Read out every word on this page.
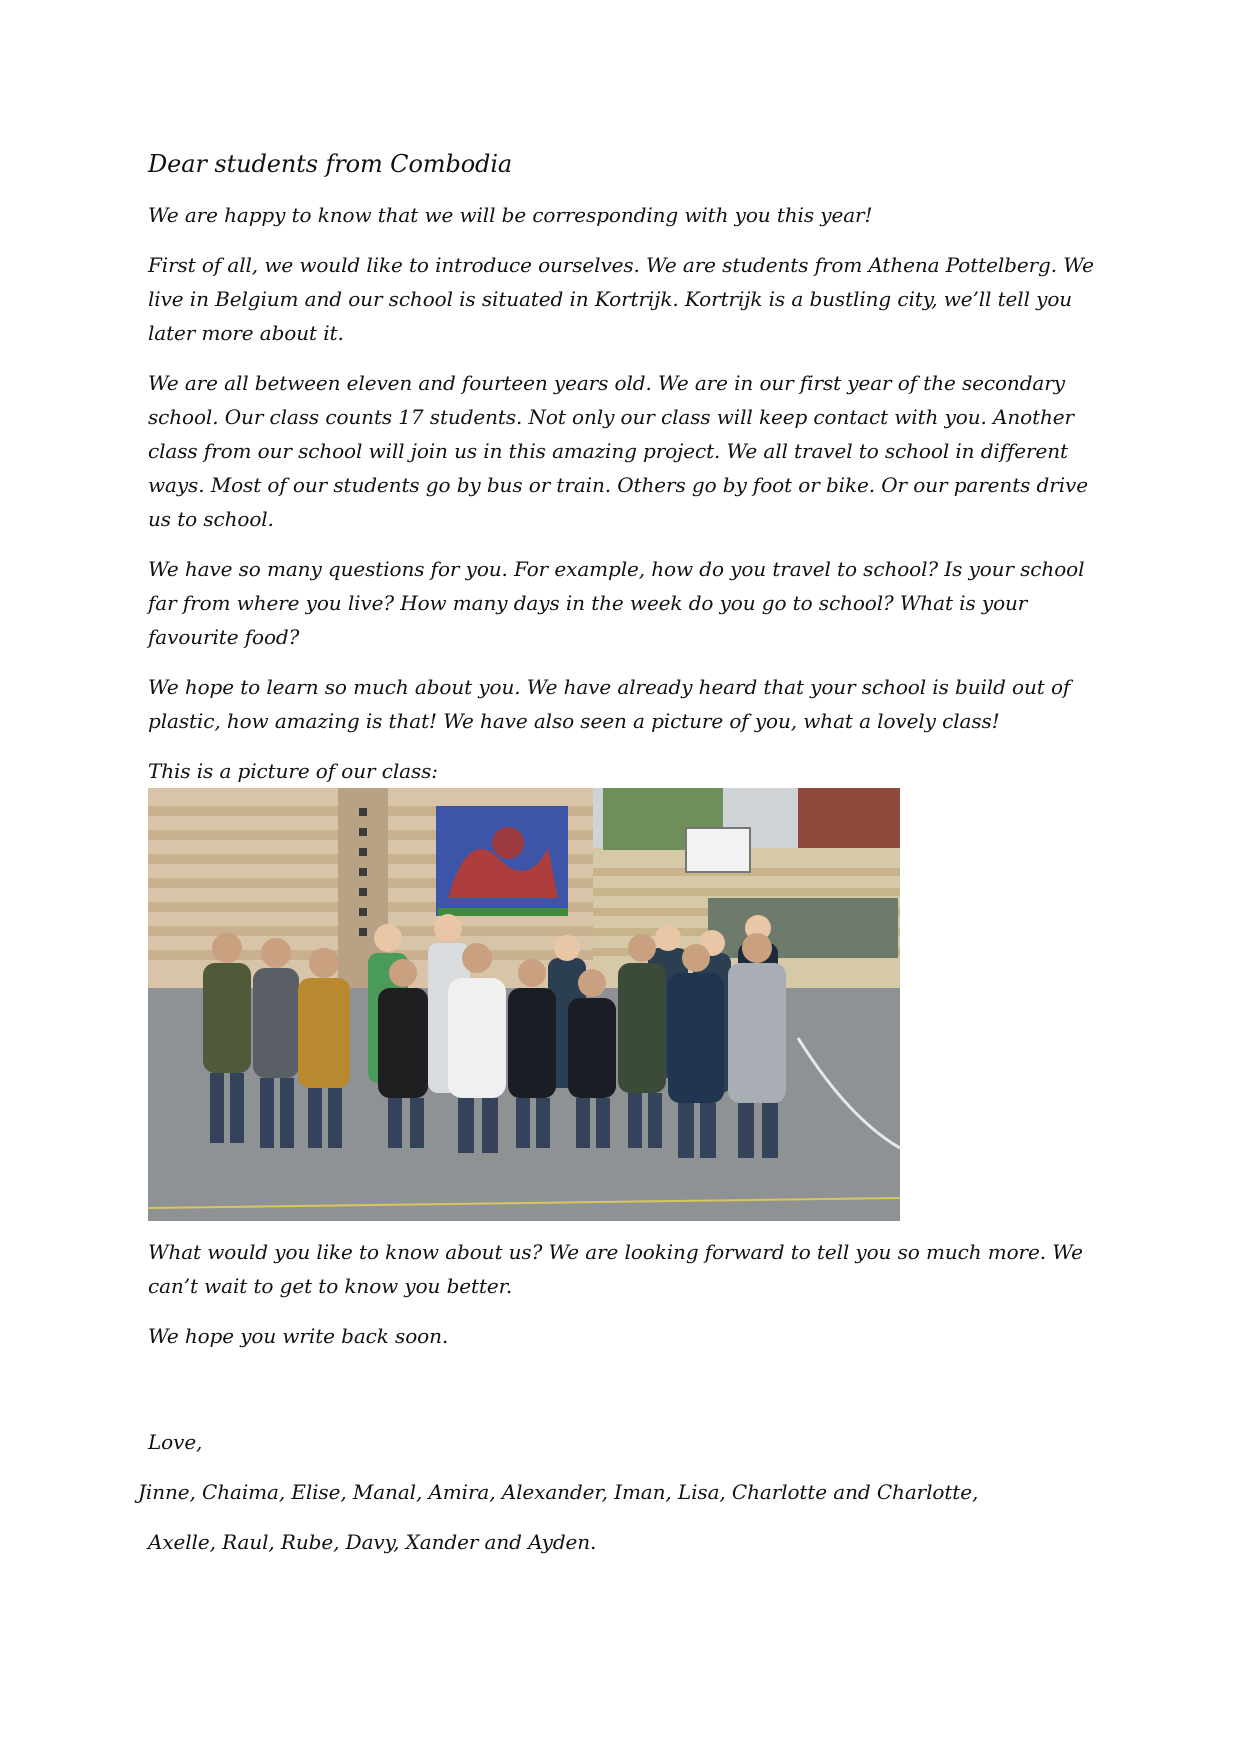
Dear students from Combodia

We are happy to know that we will be corresponding with you this year!

First of all, we would like to introduce ourselves. We are students from Athena Pottelberg. We live in Belgium and our school is situated in Kortrijk. Kortrijk is a bustling city, we’ll tell you later more about it.

We are all between eleven and fourteen years old. We are in our first year of the secondary school. Our class counts 17 students. Not only our class will keep contact with you. Another class from our school will join us in this amazing project. We all travel to school in different ways. Most of our students go by bus or train. Others go by foot or bike. Or our parents drive us to school.

We have so many questions for you. For example, how do you travel to school? Is your school far from where you live? How many days in the week do you go to school? What is your favourite food?

We hope to learn so much about you. We have already heard that your school is build out of plastic, how amazing is that! We have also seen a picture of you, what a lovely class!

This is a picture of our class:

What would you like to know about us? We are looking forward to tell you so much more. We can’t wait to get to know you better.

We hope you write back soon.

Love,

Jinne, Chaima, Elise, Manal, Amira, Alexander, Iman, Lisa, Charlotte and Charlotte,

Axelle, Raul, Rube, Davy, Xander and Ayden.
